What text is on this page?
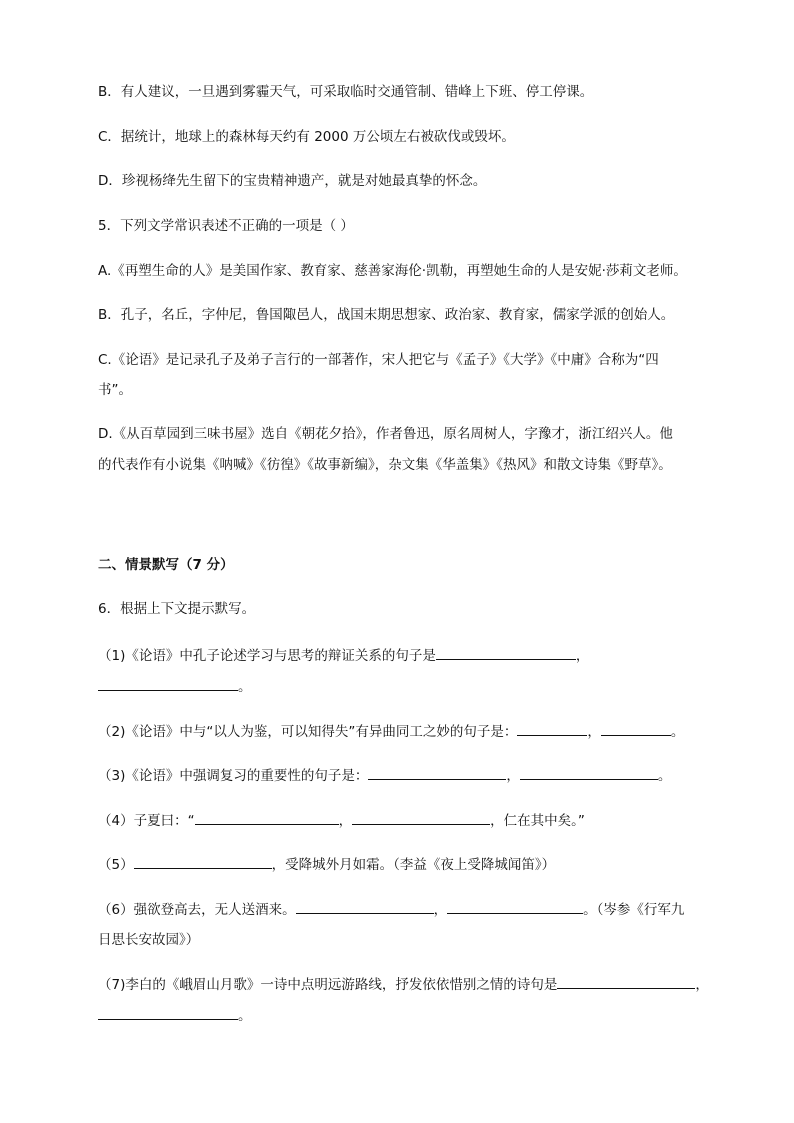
B．有人建议，一旦遇到雾霾天气，可采取临时交通管制、错峰上下班、停工停课。
C．据统计，地球上的森林每天约有 2000 万公顷左右被砍伐或毁坏。
D．珍视杨绛先生留下的宝贵精神遗产，就是对她最真挚的怀念。
5．下列文学常识表述不正确的一项是（ ）
A.《再塑生命的人》是美国作家、教育家、慈善家海伦·凯勒，再塑她生命的人是安妮·莎莉文老师。
B．孔子，名丘，字仲尼，鲁国陬邑人，战国末期思想家、政治家、教育家，儒家学派的创始人。
C.《论语》是记录孔子及弟子言行的一部著作，宋人把它与《孟子》《大学》《中庸》合称为“四
书”。
D.《从百草园到三味书屋》选自《朝花夕拾》，作者鲁迅，原名周树人，字豫才，浙江绍兴人。他
的代表作有小说集《呐喊》《彷徨》《故事新编》，杂文集《华盖集》《热风》和散文诗集《野草》。
二、情景默写（7 分）
6．根据上下文提示默写。
（1)《论语》中孔子论述学习与思考的辩证关系的句子是	，
。
（2)《论语》中与“以人为鉴，可以知得失”有异曲同工之妙的句子是：	，	。
（3)《论语》中强调复习的重要性的句子是：	，	。
（4）子夏曰：“	，	，仁在其中矣。”
（5）	，受降城外月如霜。（李益《夜上受降城闻笛》）
（6）强欲登高去，无人送酒来。	，	。（岑参《行军九
日思长安故园》）
（7)李白的《峨眉山月歌》一诗中点明远游路线，抒发依依惜别之情的诗句是	，
。
